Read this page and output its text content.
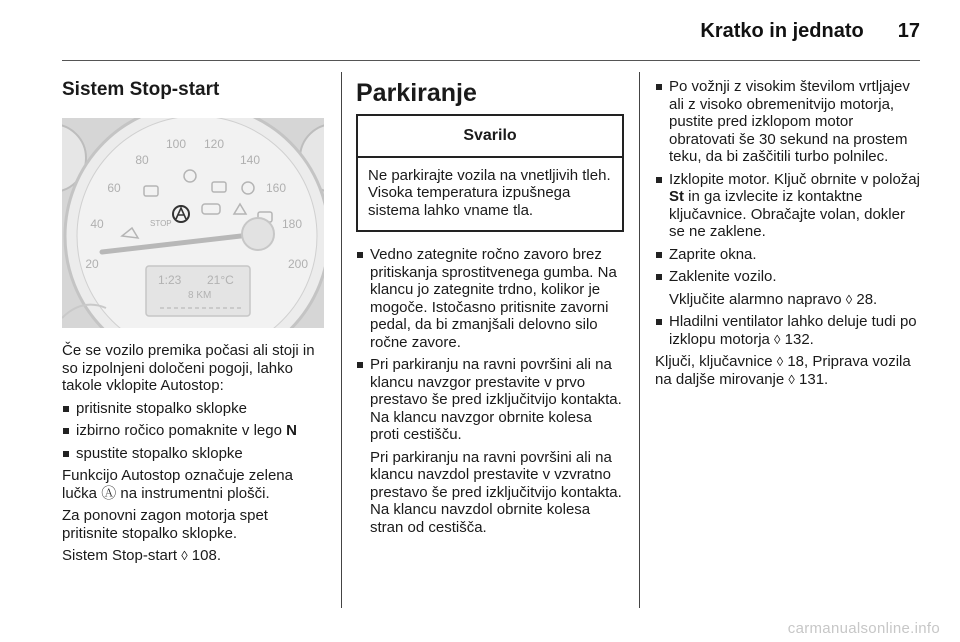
Kratko in jednato 17
Sistem Stop-start
20
40
60
80
100 120
140
160
180
200
STOP
1:23 21°C
8 KM

Če se vozilo premika počasi ali stoji in so izpolnjeni določeni pogoji, lahko takole vklopite Autostop:

pritisnite stopalko sklopke
izbirno ročico pomaknite v lego N
spustite stopalko sklopke

Funkcijo Autostop označuje zelena lučka Ⓐ na instrumentni plošči.

Za ponovni zagon motorja spet pritisnite stopalko sklopke.

Sistem Stop-start ◊ 108.

Parkiranje
Svarilo
Ne parkirajte vozila na vnetljivih tleh. Visoka temperatura izpušnega sistema lahko vname tla.
Vedno zategnite ročno zavoro brez pritiskanja sprostitvenega gumba. Na klancu jo zategnite trdno, kolikor je mogoče. Istočasno pritisnite zavorni pedal, da bi zmanjšali delovno silo ročne zavore.
Pri parkiranju na ravni površini ali na klancu navzgor prestavite v prvo prestavo še pred izključitvijo kontakta. Na klancu navzgor obrnite kolesa proti cestišču.

Pri parkiranju na ravni površini ali na klancu navzdol prestavite v vzvratno prestavo še pred izključitvijo kontakta. Na klancu navzdol obrnite kolesa stran od cestišča.

Po vožnji z visokim številom vrtljajev ali z visoko obremenitvijo motorja, pustite pred izklopom motor obratovati še 30 sekund na prostem teku, da bi zaščitili turbo polnilec.
Izklopite motor. Ključ obrnite v položaj St in ga izvlecite iz kontaktne ključavnice. Obračajte volan, dokler se ne zaklene.
Zaprite okna.
Zaklenite vozilo.

Vključite alarmno napravo ◊ 28.

Hladilni ventilator lahko deluje tudi po izklopu motorja ◊ 132.

Ključi, ključavnice ◊ 18, Priprava vozila na daljše mirovanje ◊ 131.

carmanualsonline.info
